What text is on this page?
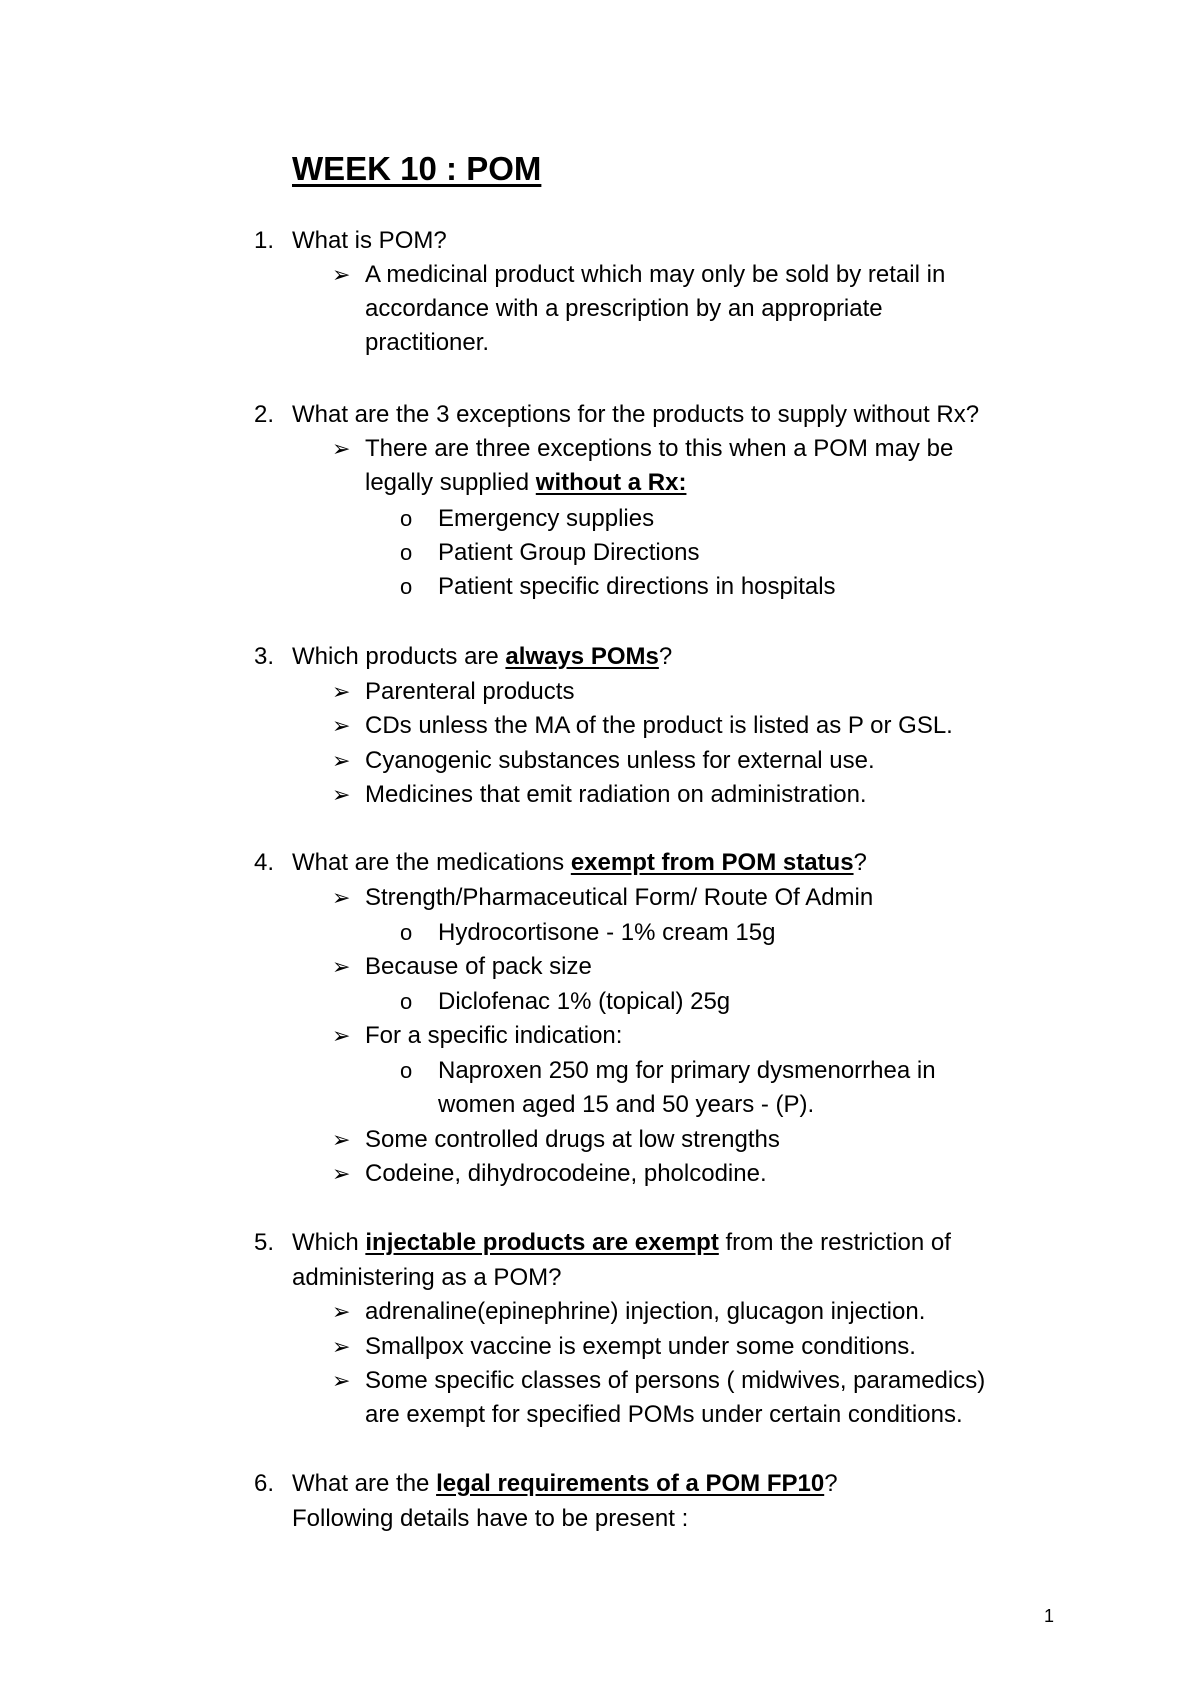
WEEK 10 : POM
1. What is POM?
➢ A medicinal product which may only be sold by retail in
accordance with a prescription by an appropriate
practitioner.
2. What are the 3 exceptions for the products to supply without Rx?
➢ There are three exceptions to this when a POM may be
legally supplied without a Rx:
o Emergency supplies
o Patient Group Directions
o Patient specific directions in hospitals
3. Which products are always POMs?
➢ Parenteral products
➢ CDs unless the MA of the product is listed as P or GSL.
➢ Cyanogenic substances unless for external use.
➢ Medicines that emit radiation on administration.
4. What are the medications exempt from POM status?
➢ Strength/Pharmaceutical Form/ Route Of Admin
o Hydrocortisone - 1% cream 15g
➢ Because of pack size
o Diclofenac 1% (topical) 25g
➢ For a specific indication:
o Naproxen 250 mg for primary dysmenorrhea in
women aged 15 and 50 years - (P).
➢ Some controlled drugs at low strengths
➢ Codeine, dihydrocodeine, pholcodine.
5. Which injectable products are exempt from the restriction of
administering as a POM?
➢ adrenaline(epinephrine) injection, glucagon injection.
➢ Smallpox vaccine is exempt under some conditions.
➢ Some specific classes of persons ( midwives, paramedics)
are exempt for specified POMs under certain conditions.
6. What are the legal requirements of a POM FP10?
Following details have to be present :
1
